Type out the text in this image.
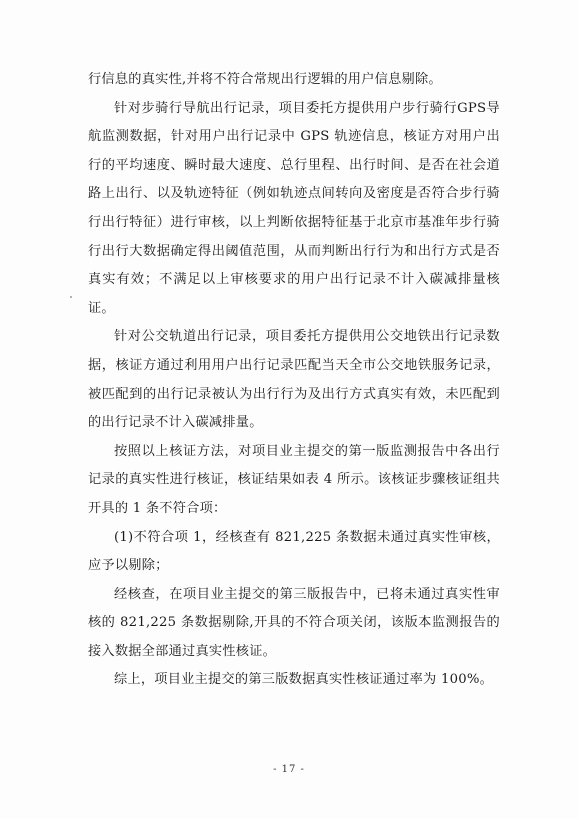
行信息的真实性,并将不符合常规出行逻辑的用户信息剔除。

针对步骑行导航出行记录，项目委托方提供用户步行骑行GPS导航监测数据，针对用户出行记录中 GPS 轨迹信息，核证方对用户出行的平均速度、瞬时最大速度、总行里程、出行时间、是否在社会道路上出行、以及轨迹特征（例如轨迹点间转向及密度是否符合步行骑行出行特征）进行审核，以上判断依据特征基于北京市基准年步行骑行出行大数据确定得出阈值范围，从而判断出行行为和出行方式是否真实有效；不满足以上审核要求的用户出行记录不计入碳减排量核证。

针对公交轨道出行记录，项目委托方提供用公交地铁出行记录数据，核证方通过利用用户出行记录匹配当天全市公交地铁服务记录，被匹配到的出行记录被认为出行行为及出行方式真实有效，未匹配到的出行记录不计入碳减排量。

按照以上核证方法，对项目业主提交的第一版监测报告中各出行记录的真实性进行核证，核证结果如表 4 所示。该核证步骤核证组共开具的 1 条不符合项：

(1)不符合项 1，经核查有 821,225 条数据未通过真实性审核，应予以剔除；

经核查，在项目业主提交的第三版报告中，已将未通过真实性审核的 821,225 条数据剔除,开具的不符合项关闭，该版本监测报告的接入数据全部通过真实性核证。

综上，项目业主提交的第三版数据真实性核证通过率为 100%。

- 17 -
